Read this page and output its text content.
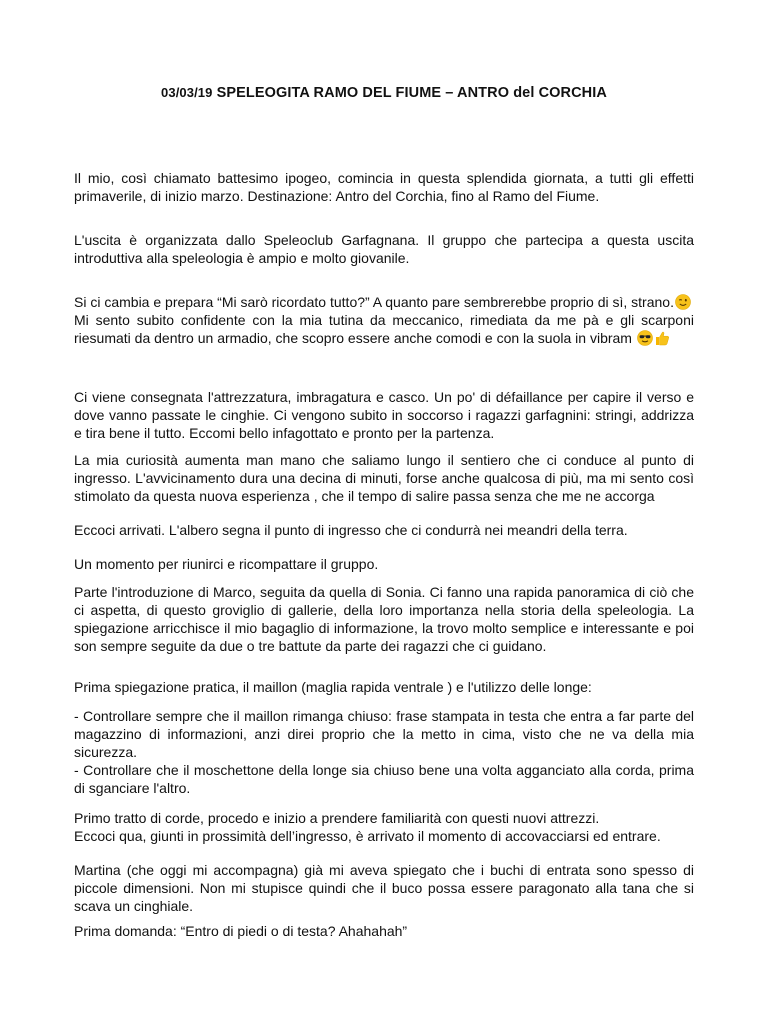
03/03/19 SPELEOGITA RAMO DEL FIUME – ANTRO del CORCHIA

Il mio, così chiamato battesimo ipogeo, comincia in questa splendida giornata, a tutti gli effetti primaverile, di inizio marzo. Destinazione: Antro del Corchia, fino al Ramo del Fiume.

L'uscita è organizzata dallo Speleoclub Garfagnana. Il gruppo che partecipa a questa uscita introduttiva alla speleologia è ampio e molto giovanile.

Si ci cambia e prepara “Mi sarò ricordato tutto?” A quanto pare sembrerebbe proprio di sì, strano.

Mi sento subito confidente con la mia tutina da meccanico, rimediata da me pà e gli scarponi riesumati da dentro un armadio, che scopro essere anche comodi e con la suola in vibram

Ci viene consegnata l'attrezzatura, imbragatura e casco. Un po' di défaillance per capire il verso e dove vanno passate le cinghie. Ci vengono subito in soccorso i ragazzi garfagnini: stringi, addrizza e tira bene il tutto. Eccomi bello infagottato e pronto per la partenza.

La mia curiosità aumenta man mano che saliamo lungo il sentiero che ci conduce al punto di ingresso. L'avvicinamento dura una decina di minuti, forse anche qualcosa di più, ma mi sento così stimolato da questa nuova esperienza , che il tempo di salire passa senza che me ne accorga

Eccoci arrivati. L'albero segna il punto di ingresso che ci condurrà nei meandri della terra.

Un momento per riunirci e ricompattare il gruppo.

Parte l'introduzione di Marco, seguita da quella di Sonia. Ci fanno una rapida panoramica di ciò che ci aspetta, di questo groviglio di gallerie, della loro importanza nella storia della speleologia. La spiegazione arricchisce il mio bagaglio di informazione, la trovo molto semplice e interessante e poi son sempre seguite da due o tre battute da parte dei ragazzi che ci guidano.

Prima spiegazione pratica, il maillon (maglia rapida ventrale ) e l'utilizzo delle longe:

- Controllare sempre che il maillon rimanga chiuso: frase stampata in testa che entra a far parte del magazzino di informazioni, anzi direi proprio che la metto in cima, visto che ne va della mia sicurezza.
- Controllare che il moschettone della longe sia chiuso bene una volta agganciato alla corda, prima di sganciare l'altro.

Primo tratto di corde, procedo e inizio a prendere familiarità con questi nuovi attrezzi.
Eccoci qua, giunti in prossimità dell’ingresso, è arrivato il momento di accovacciarsi ed entrare.

Martina (che oggi mi accompagna) già mi aveva spiegato che i buchi di entrata sono spesso di piccole dimensioni. Non mi stupisce quindi che il buco possa essere paragonato alla tana che si scava un cinghiale.

Prima domanda: “Entro di piedi o di testa? Ahahahah”
